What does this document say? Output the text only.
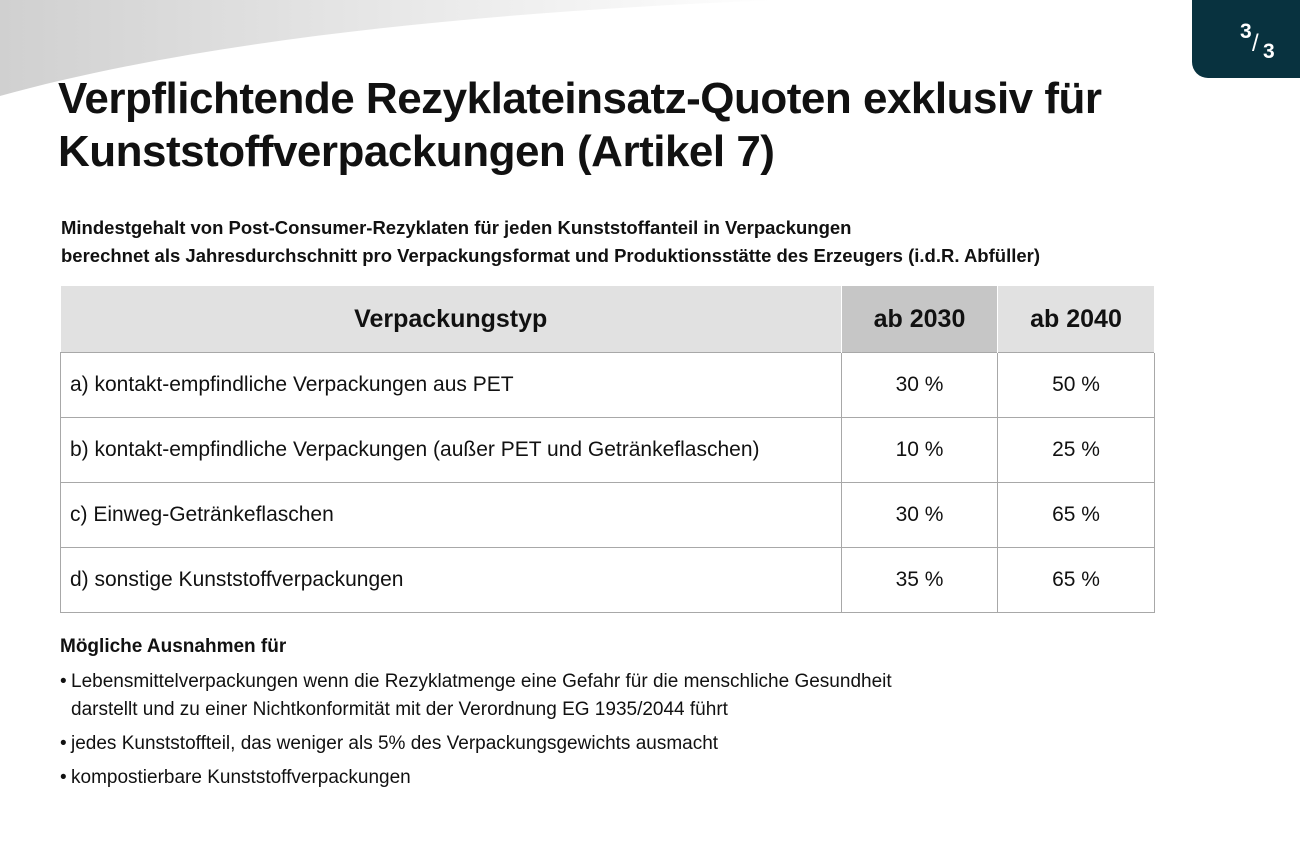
3 / 3
Verpflichtende Rezyklateinsatz-Quoten exklusiv für Kunststoffverpackungen (Artikel 7)

Mindestgehalt von Post-Consumer-Rezyklaten für jeden Kunststoffanteil in Verpackungen
berechnet als Jahresdurchschnitt pro Verpackungsformat und Produktionsstätte des Erzeugers (i.d.R. Abfüller)

Verpackungstyp	ab 2030	ab 2040
a) kontakt-empfindliche Verpackungen aus PET	30 %	50 %
b) kontakt-empfindliche Verpackungen (außer PET und Getränkeflaschen)	10 %	25 %
c) Einweg-Getränkeflaschen	30 %	65 %
d) sonstige Kunststoffverpackungen	35 %	65 %

Mögliche Ausnahmen für

• Lebensmittelverpackungen wenn die Rezyklatmenge eine Gefahr für die menschliche Gesundheit darstellt und zu einer Nichtkonformität mit der Verordnung EG 1935/2044 führt
• jedes Kunststoffteil, das weniger als 5% des Verpackungsgewichts ausmacht
• kompostierbare Kunststoffverpackungen
